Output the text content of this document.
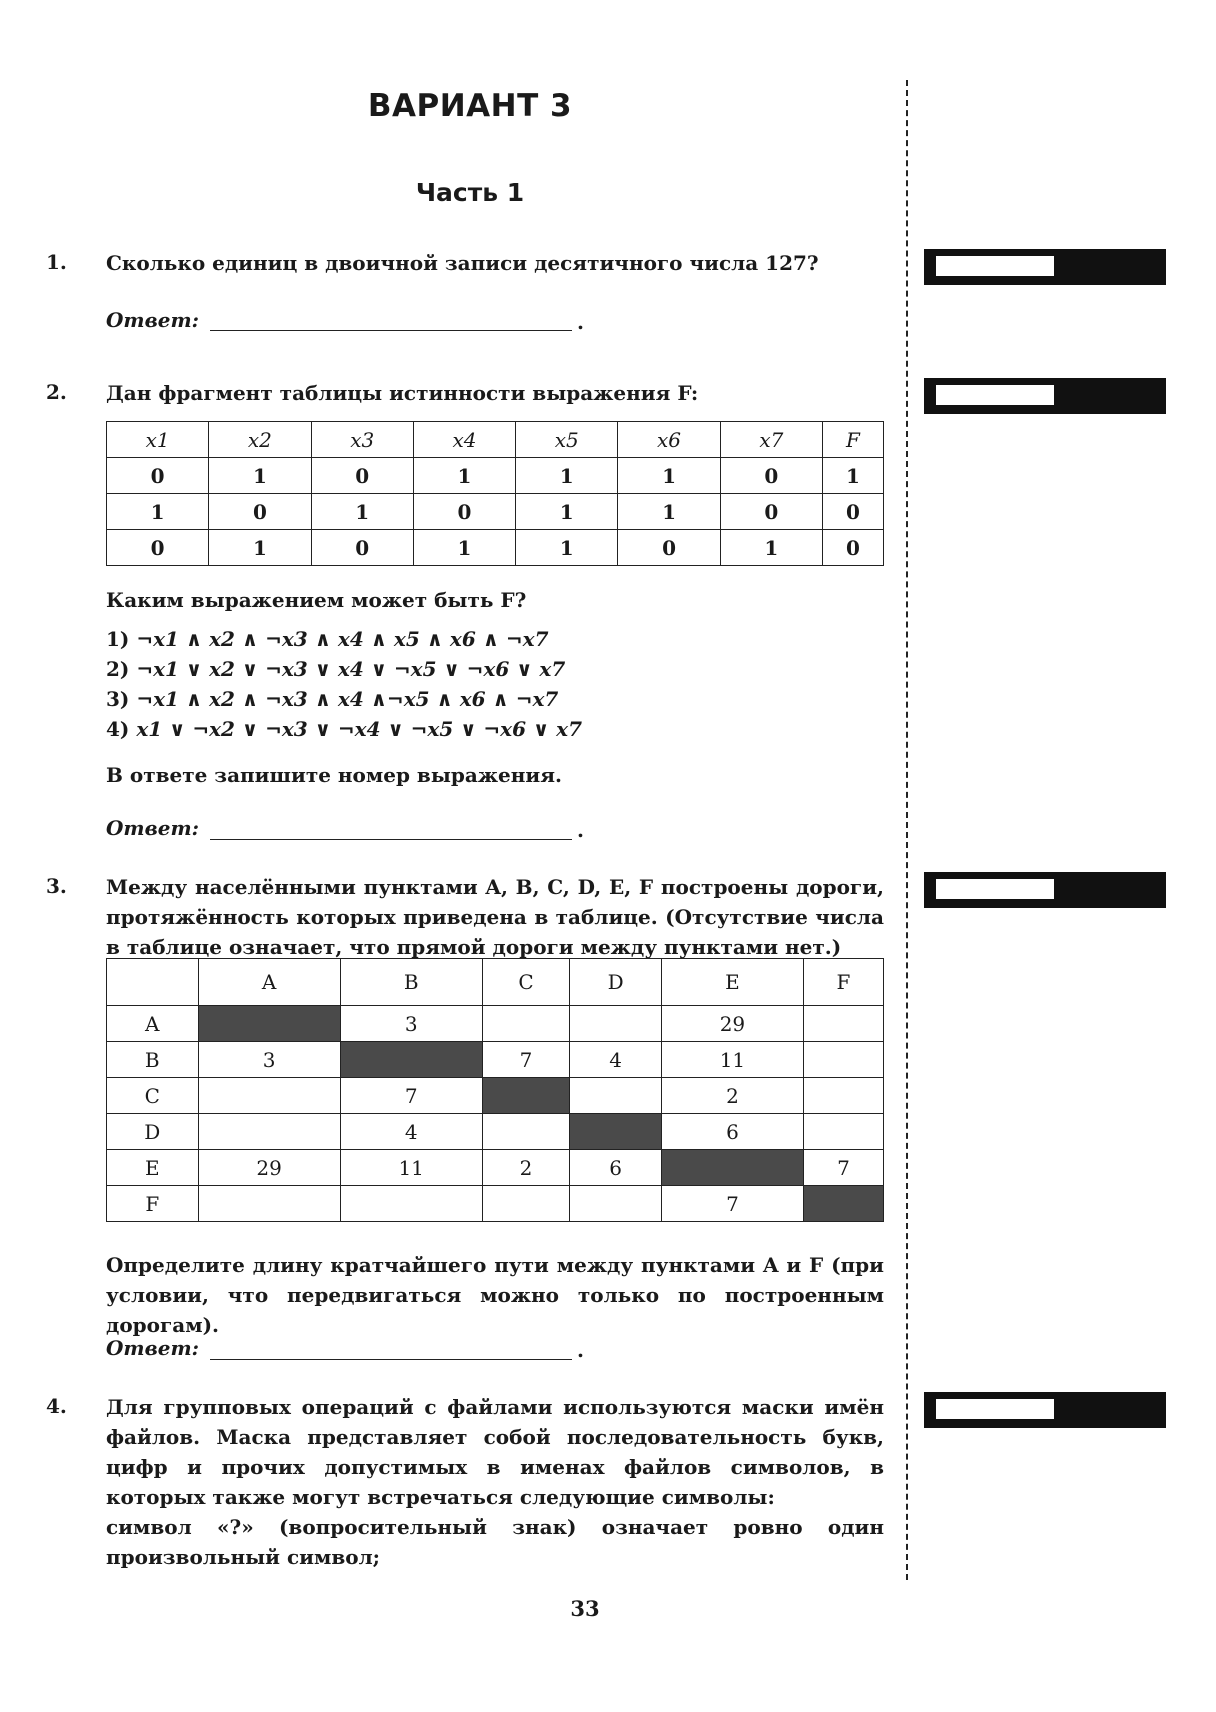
ВАРИАНТ 3
Часть 1
1. Сколько единиц в двоичной записи десятичного числа 127?
Ответ:	.
2. Дан фрагмент таблицы истинности выражения F:
x1	x2	x3	x4	x5	x6	x7	F
0	1	0	1	1	1	0	1
1	0	1	0	1	1	0	0
0	1	0	1	1	0	1	0
Каким выражением может быть F?
1) ¬x1 ∧ x2 ∧ ¬x3 ∧ x4 ∧ x5 ∧ x6 ∧ ¬x7
2) ¬x1 ∨ x2 ∨ ¬x3 ∨ x4 ∨ ¬x5 ∨ ¬x6 ∨ x7
3) ¬x1 ∧ x2 ∧ ¬x3 ∧ x4 ∧¬x5 ∧ x6 ∧ ¬x7
4) x1 ∨ ¬x2 ∨ ¬x3 ∨ ¬x4 ∨ ¬x5 ∨ ¬x6 ∨ x7
В ответе запишите номер выражения.
Ответ:	.
3. Между населёнными пунктами A, B, C, D, E, F построены дороги, протяжённость которых приведена в таблице. (Отсутствие числа в таблице означает, что прямой дороги между пунктами нет.)
	A	B	C	D	E	F
A		3			29	
B	3		7	4	11	
C		7			2	
D		4			6	
E	29	11	2	6		7
F					7	
Определите длину кратчайшего пути между пунктами A и F (при условии, что передвигаться можно только по построенным дорогам).
Ответ:	.
4. Для групповых операций с файлами используются маски имён файлов. Маска представляет собой последовательность букв, цифр и прочих допустимых в именах файлов символов, в которых также могут встречаться следующие символы:
символ «?» (вопросительный знак) означает ровно один произвольный символ;
33
